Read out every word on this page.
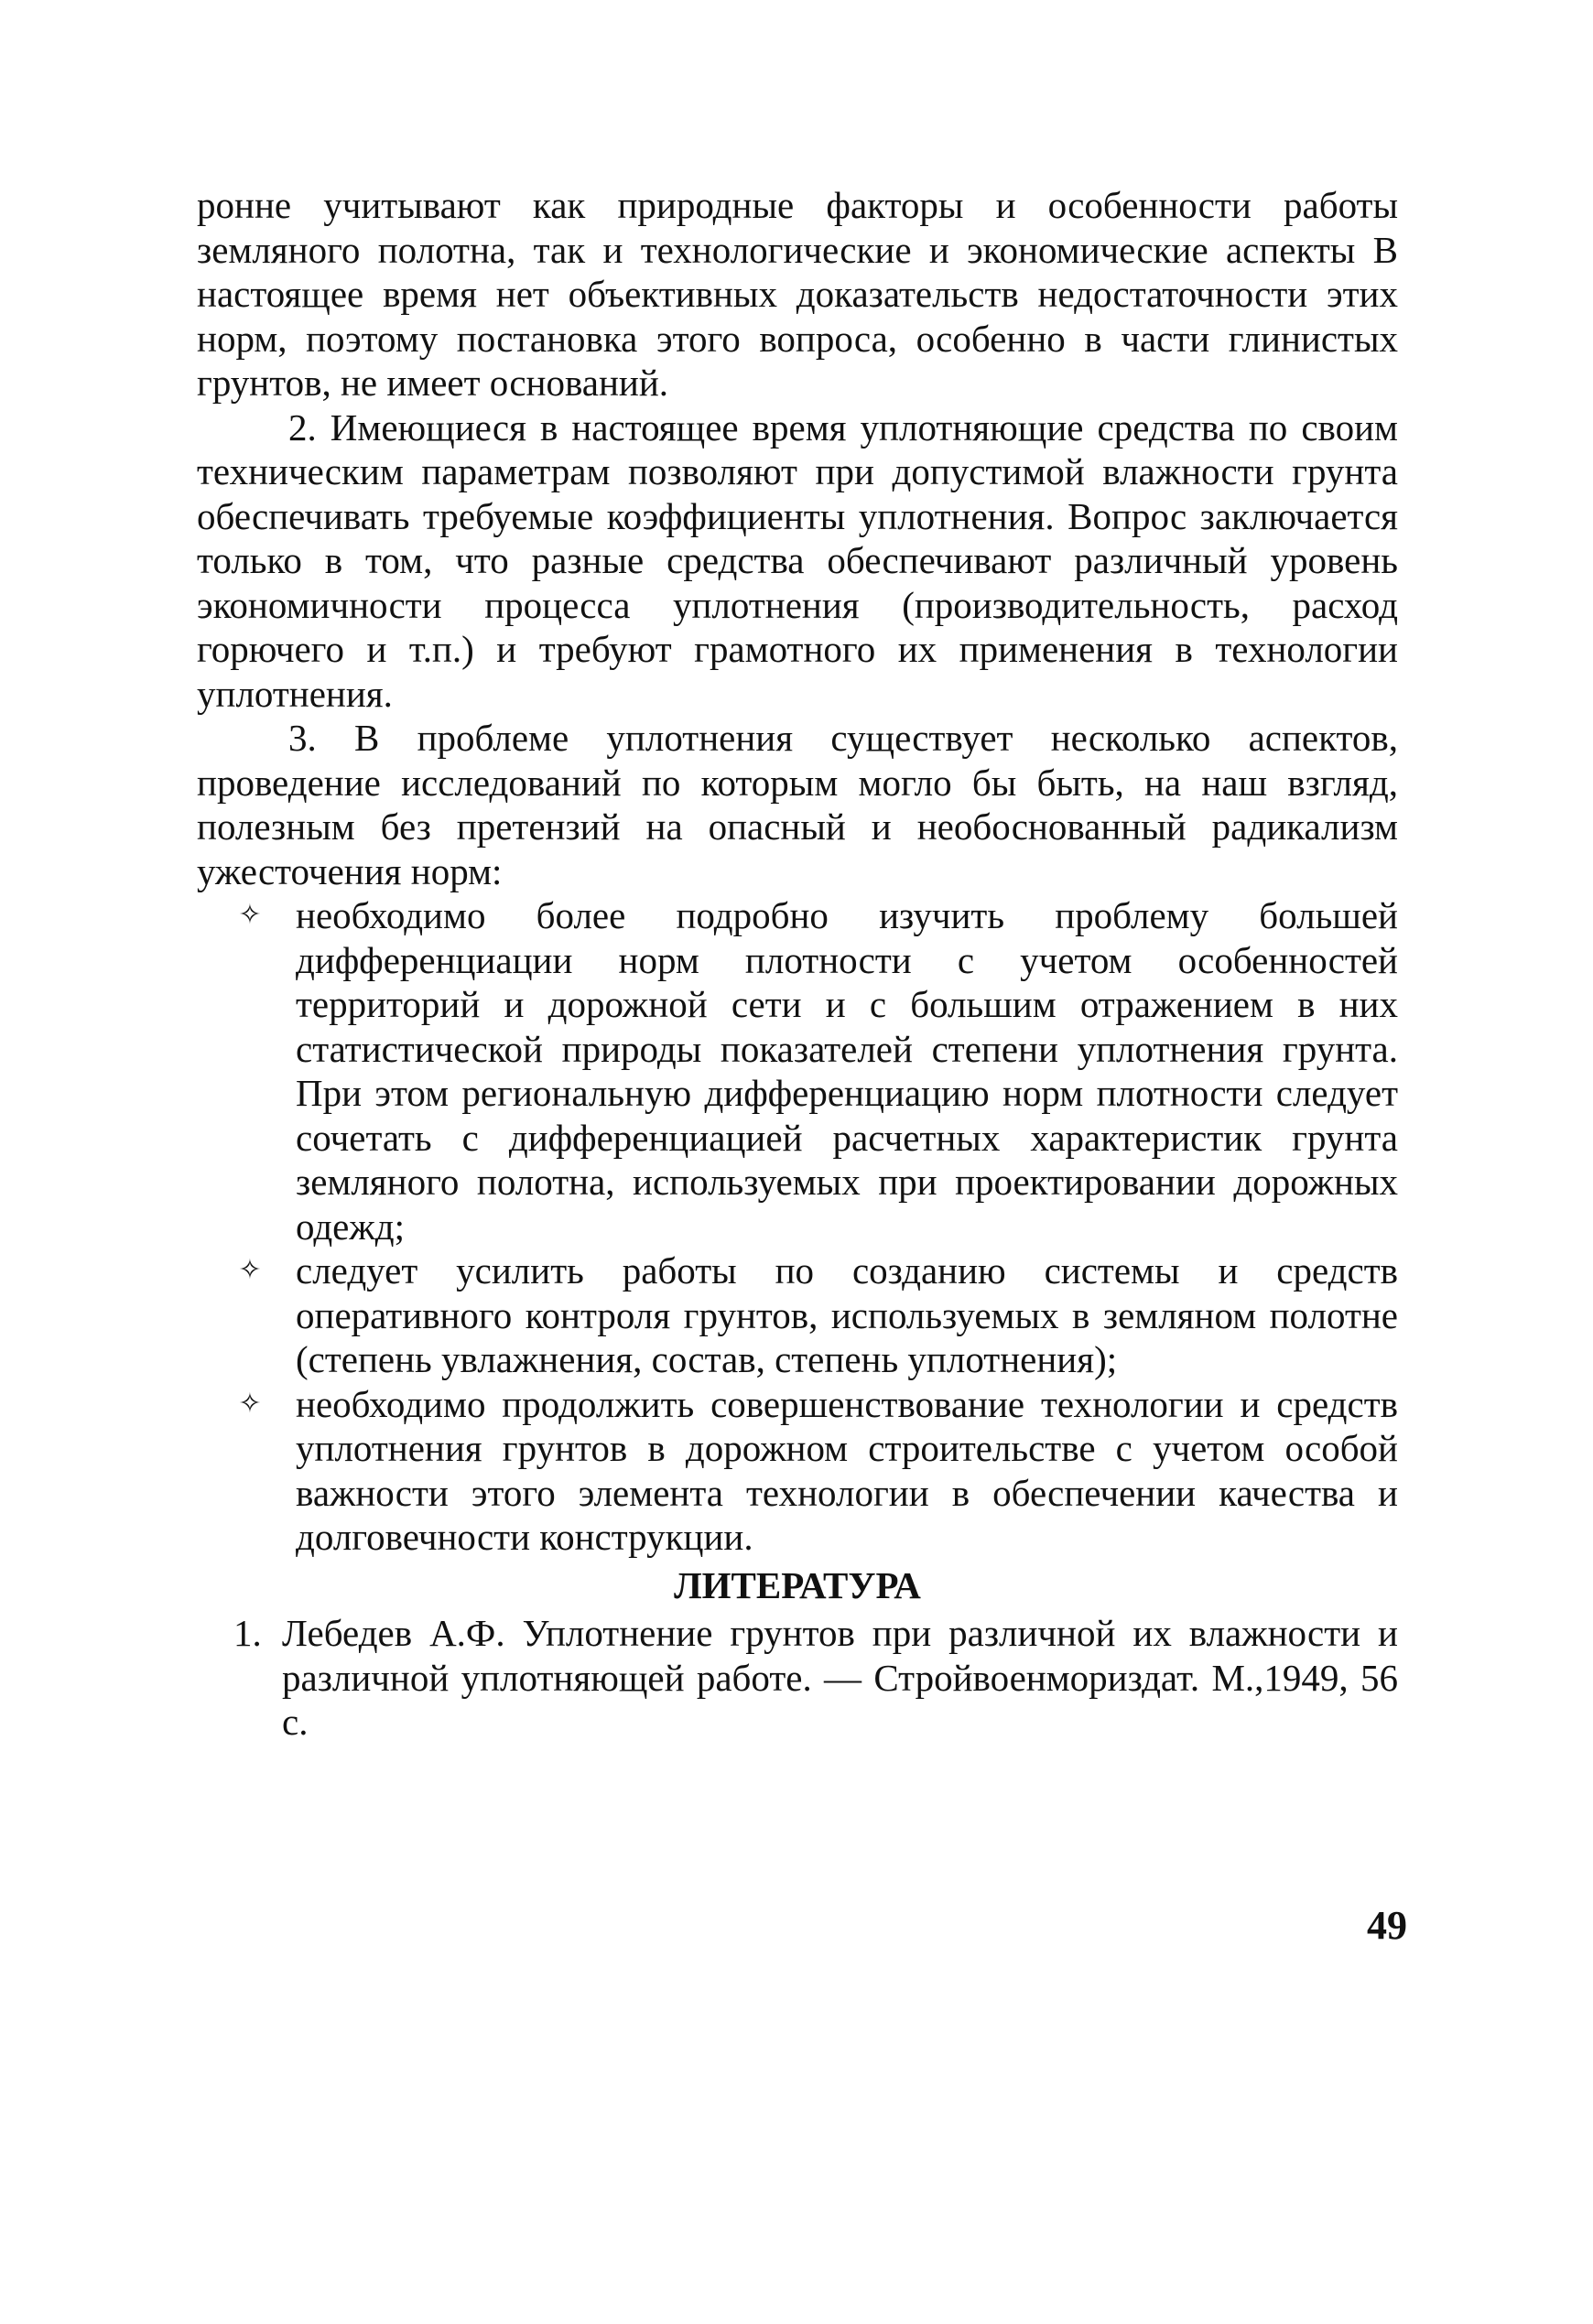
ронне учитывают как природные факторы и особенности работы земляного полотна, так и технологические и экономические аспекты В настоящее время нет объективных доказательств недостаточности этих норм, поэтому постановка этого вопроса, особенно в части глинистых грунтов, не имеет оснований.

2. Имеющиеся в настоящее время уплотняющие средства по своим техническим параметрам позволяют при допустимой влажности грунта обеспечивать требуемые коэффициенты уплотнения. Вопрос заключается только в том, что разные средства обеспечивают различный уровень экономичности процесса уплотнения (производительность, расход горючего и т.п.) и требуют грамотного их применения в технологии уплотнения.

3. В проблеме уплотнения существует несколько аспектов, проведение исследований по которым могло бы быть, на наш взгляд, полезным без претензий на опасный и необоснованный радикализм ужесточения норм:

✧ необходимо более подробно изучить проблему большей дифференциации норм плотности с учетом особенностей территорий и дорожной сети и с большим отражением в них статистической природы показателей степени уплотнения грунта. При этом региональную дифференциацию норм плотности следует сочетать с дифференциацией расчетных характеристик грунта земляного полотна, используемых при проектировании дорожных одежд;
✧ следует усилить работы по созданию системы и средств оперативного контроля грунтов, используемых в земляном полотне (степень увлажнения, состав, степень уплотнения);
✧ необходимо продолжить совершенствование технологии и средств уплотнения грунтов в дорожном строительстве с учетом особой важности этого элемента технологии в обеспечении качества и долговечности конструкции.
ЛИТЕРАТУРА
1. Лебедев А.Ф. Уплотнение грунтов при различной их влажности и различной уплотняющей работе. — Стройвоенмориздат. М.,1949, 56 с.
49
